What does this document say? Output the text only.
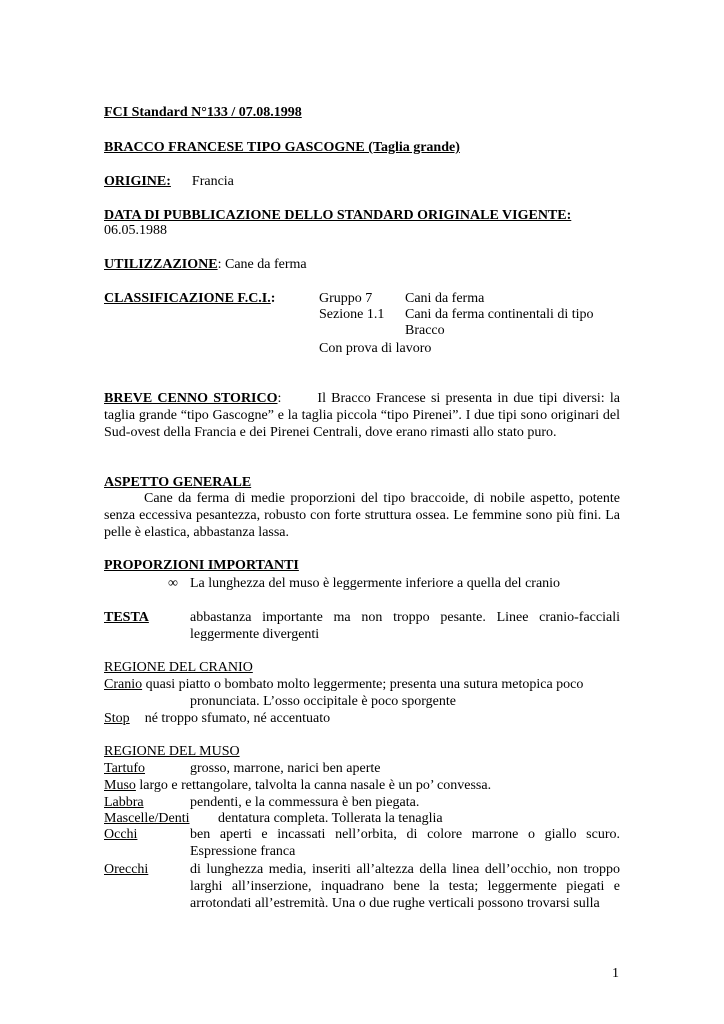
FCI Standard N°133 / 07.08.1998
BRACCO FRANCESE TIPO GASCOGNE (Taglia grande)
ORIGINE: Francia
DATA DI PUBBLICAZIONE DELLO STANDARD ORIGINALE VIGENTE:
06.05.1988
UTILIZZAZIONE: Cane da ferma
CLASSIFICAZIONE F.C.I.:	Gruppo 7 Cani da ferma
Sezione 1.1 Cani da ferma continentali di tipo
Bracco
Con prova di lavoro
BREVE CENNO STORICO:	Il Bracco Francese si presenta in due tipi diversi: la taglia grande “tipo Gascogne” e la taglia piccola “tipo Pirenei”. I due tipi sono originari del Sud-ovest della Francia e dei Pirenei Centrali, dove erano rimasti allo stato puro.
ASPETTO GENERALE
Cane da ferma di medie proporzioni del tipo braccoide, di nobile aspetto, potente senza eccessiva pesantezza, robusto con forte struttura ossea. Le femmine sono più fini. La pelle è elastica, abbastanza lassa.
PROPORZIONI IMPORTANTI
∞ La lunghezza del muso è leggermente inferiore a quella del cranio
TESTA	abbastanza importante ma non troppo pesante. Linee cranio-facciali leggermente divergenti
REGIONE DEL CRANIO
Cranio quasi piatto o bombato molto leggermente; presenta una sutura metopica poco
pronunciata. L’osso occipitale è poco sporgente
Stop né troppo sfumato, né accentuato
REGIONE DEL MUSO
Tartufo	grosso, marrone, narici ben aperte
Muso largo e rettangolare, talvolta la canna nasale è un po’ convessa.
Labbra	pendenti, e la commessura è ben piegata.
Mascelle/Denti dentatura completa. Tollerata la tenaglia
Occhi	ben aperti e incassati nell’orbita, di colore marrone o giallo scuro. Espressione franca
Orecchi	di lunghezza media, inseriti all’altezza della linea dell’occhio, non troppo larghi all’inserzione, inquadrano bene la testa; leggermente piegati e arrotondati all’estremità. Una o due rughe verticali possono trovarsi sulla
1
